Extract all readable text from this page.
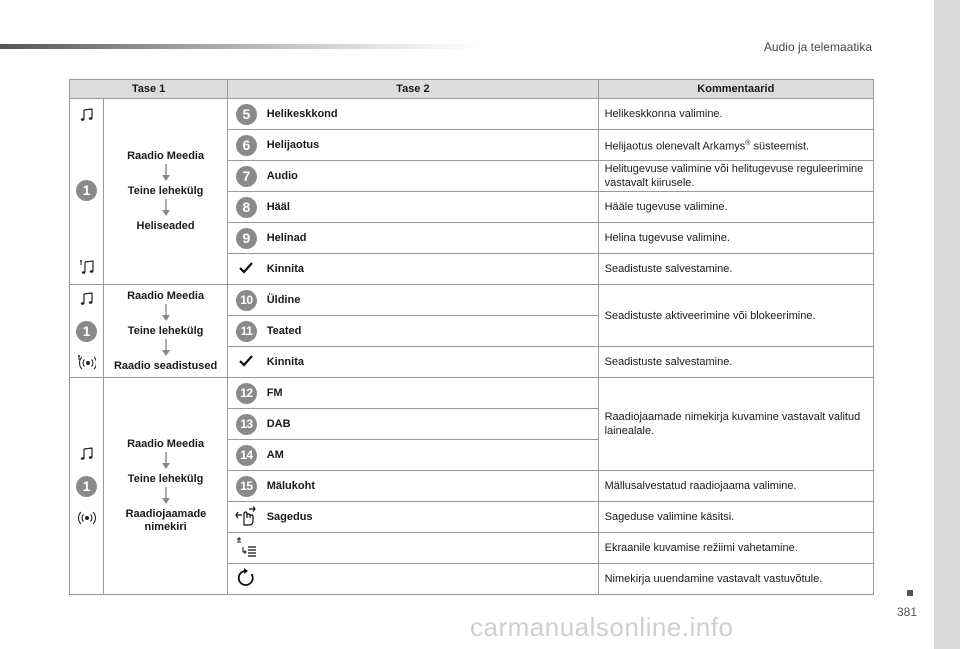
Audio ja telemaatika
381
carmanualsonline.info
Tase 1		Tase 2		Kommentaarid

1	Raadio Meedia
Teine lehekülg
Heliseaded	5	Helikeskkond	Helikeskkonna valimine.
		6	Helijaotus	Helijaotus olenevalt Arkamys® süsteemist.
		7	Audio	Helitugevuse valimine või helitugevuse reguleerimine vastavalt kiirusele.
		8	Hääl	Hääle tugevuse valimine.
		9	Helinad	Helina tugevuse valimine.
	Kinnita	Seadistuste salvestamine.

1	Raadio Meedia
Teine lehekülg
Raadio seadistused	10	Üldine	Seadistuste aktiveerimine või blokeerimine.
		11	Teated	
	Kinnita	Seadistuste salvestamine.

1	Raadio Meedia
Teine lehekülg
Raadiojaamade nimekiri	12	FM	Raadiojaamade nimekirja kuvamine vastavalt valitud lainealale.
		13	DAB	
		14	AM	
		15	Mälukoht	Mällusalvestatud raadiojaama valimine.
	Sagedus	Sageduse valimine käsitsi.
		Ekraanile kuvamise režiimi vahetamine.
		Nimekirja uuendamine vastavalt vastuvõtule.
